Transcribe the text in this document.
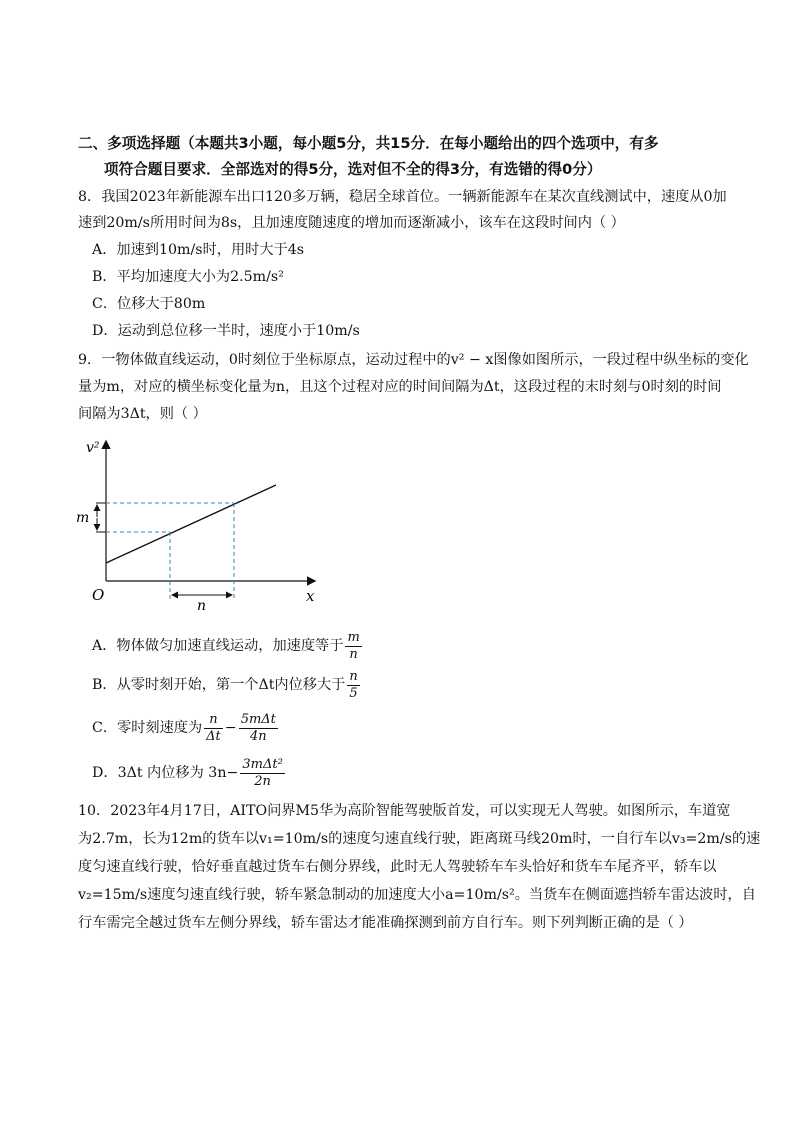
二、多项选择题（本题共3小题，每小题5分，共15分．在每小题给出的四个选项中，有多
项符合题目要求．全部选对的得5分，选对但不全的得3分，有选错的得0分）
8．我国2023年新能源车出口120多万辆，稳居全球首位。一辆新能源车在某次直线测试中，速度从0加
速到20m/s所用时间为8s，且加速度随速度的增加而逐渐减小，该车在这段时间内（ ）
A．加速到10m/s时，用时大于4s
B．平均加速度大小为2.5m/s²
C．位移大于80m
D．运动到总位移一半时，速度小于10m/s
9．一物体做直线运动，0时刻位于坐标原点，运动过程中的v² − x图像如图所示，一段过程中纵坐标的变化
量为m，对应的横坐标变化量为n，且这个过程对应的时间间隔为Δt，这段过程的末时刻与0时刻的时间
间隔为3Δt，则（ ）
v²
x
O
m
n
A．物体做匀加速直线运动，加速度等于 $\frac{m}{n}$
B．从零时刻开始，第一个Δt内位移大于 $\frac{n}{5}$
C．零时刻速度为 $\frac{n}{\Delta t} - \frac{\text{5mΔt}}{4n}$
D．3Δt 内位移为 $3n- \frac{\text{3mΔt²}}{2n}$
10．2023年4月17日，AITO问界M5华为高阶智能驾驶版首发，可以实现无人驾驶。如图所示，车道宽
为2.7m，长为12m的货车以v₁=10m/s的速度匀速直线行驶，距离斑马线20m时，一自行车以v₃=2m/s的速
度匀速直线行驶，恰好垂直越过货车右侧分界线，此时无人驾驶轿车车头恰好和货车车尾齐平，轿车以
v₂=15m/s速度匀速直线行驶，轿车紧急制动的加速度大小a=10m/s²。当货车在侧面遮挡轿车雷达波时，自
行车需完全越过货车左侧分界线，轿车雷达才能准确探测到前方自行车。则下列判断正确的是（ ）
